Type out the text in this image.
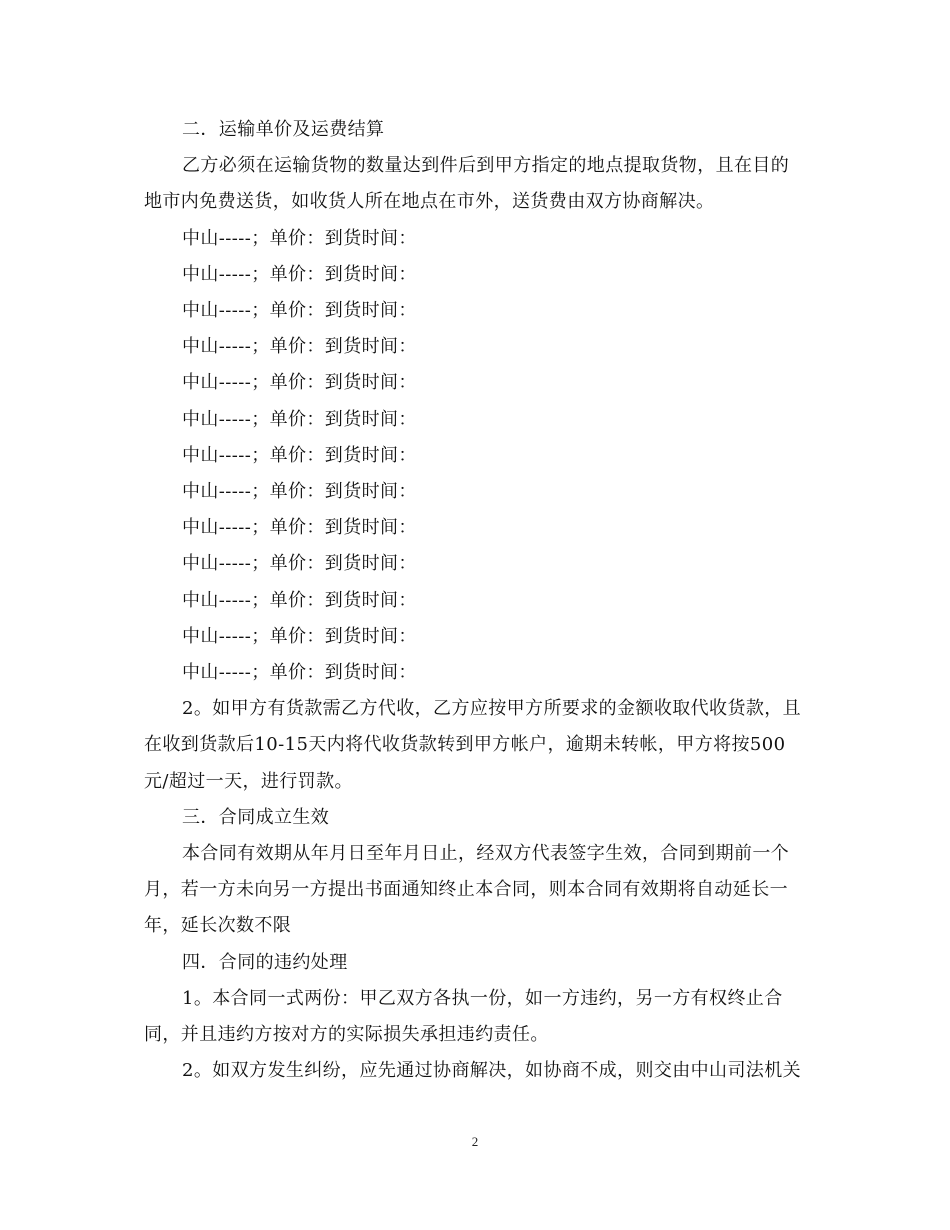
二．运输单价及运费结算

乙方必须在运输货物的数量达到件后到甲方指定的地点提取货物，且在目的地市内免费送货，如收货人所在地点在市外，送货费由双方协商解决。

中山-----；单价：到货时间：

中山-----；单价：到货时间：

中山-----；单价：到货时间：

中山-----；单价：到货时间：

中山-----；单价：到货时间：

中山-----；单价：到货时间：

中山-----；单价：到货时间：

中山-----；单价：到货时间：

中山-----；单价：到货时间：

中山-----；单价：到货时间：

中山-----；单价：到货时间：

中山-----；单价：到货时间：

中山-----；单价：到货时间：

2。如甲方有货款需乙方代收，乙方应按甲方所要求的金额收取代收货款，且在收到货款后10-15天内将代收货款转到甲方帐户，逾期未转帐，甲方将按500元/超过一天，进行罚款。

三．合同成立生效

本合同有效期从年月日至年月日止，经双方代表签字生效，合同到期前一个月，若一方未向另一方提出书面通知终止本合同，则本合同有效期将自动延长一年，延长次数不限

四．合同的违约处理

1。本合同一式两份：甲乙双方各执一份，如一方违约，另一方有权终止合同，并且违约方按对方的实际损失承担违约责任。

2。如双方发生纠纷，应先通过协商解决，如协商不成，则交由中山司法机关

2
